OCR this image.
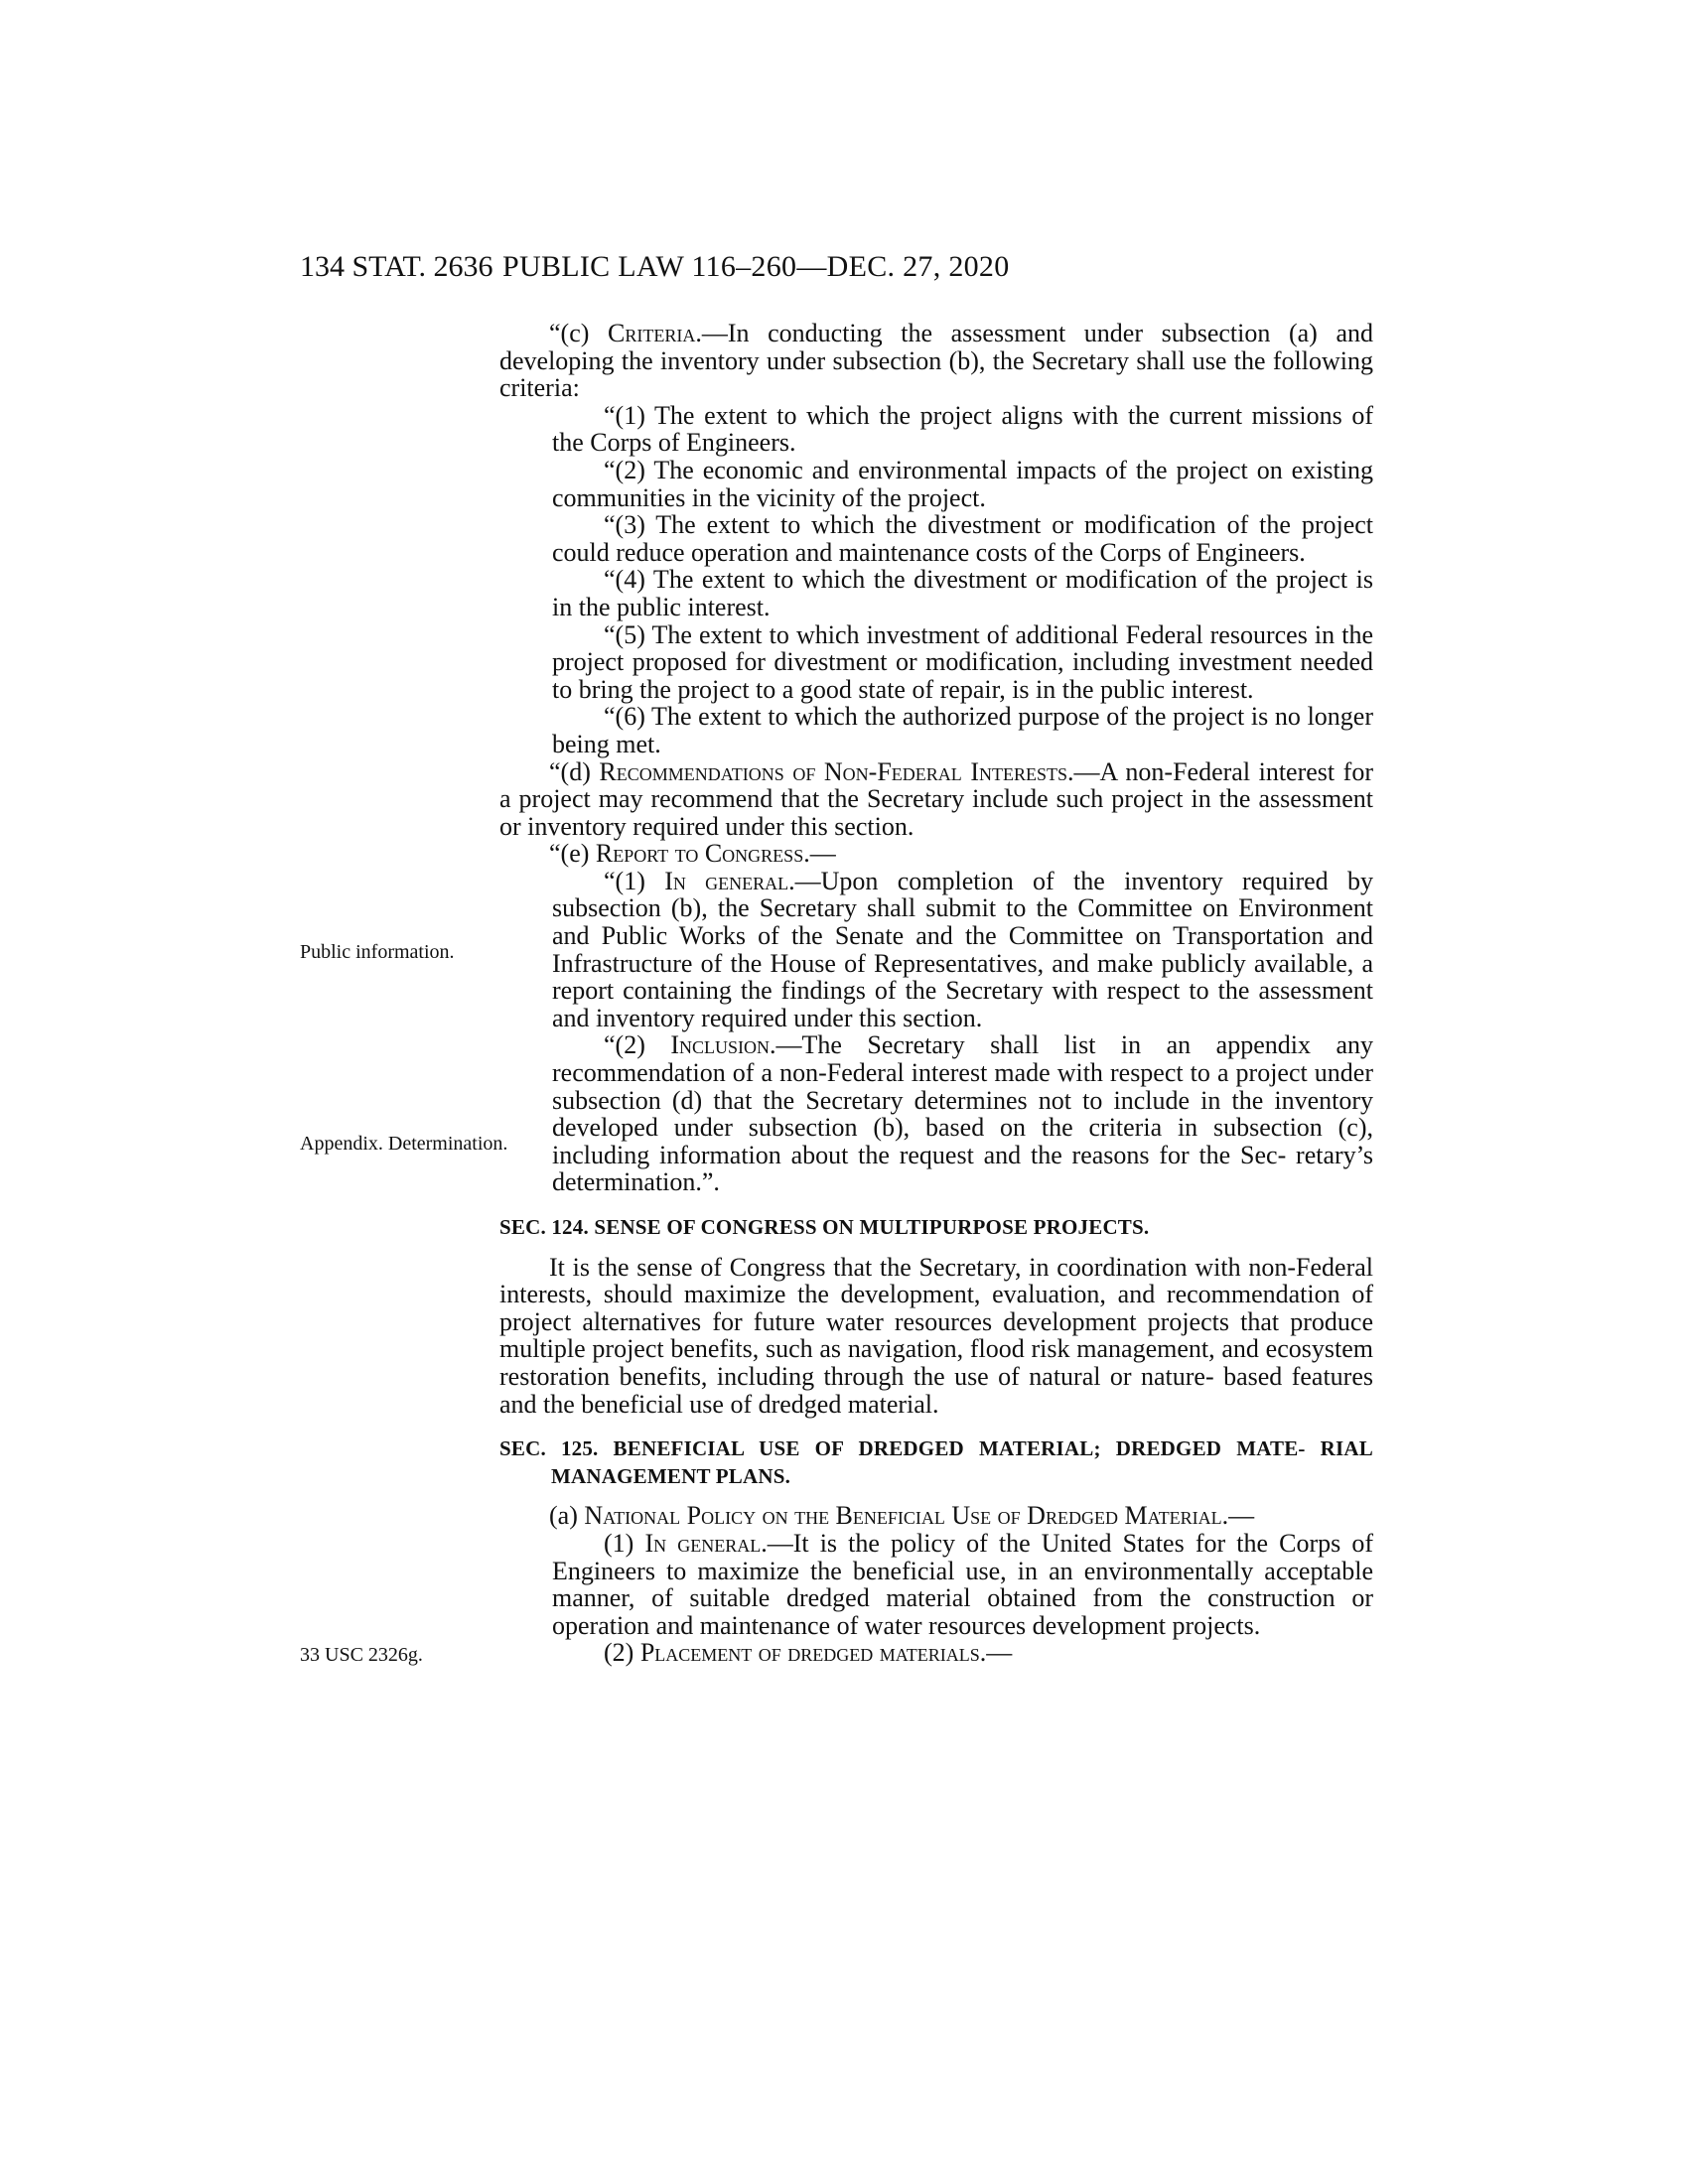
134 STAT. 2636 PUBLIC LAW 116–260—DEC. 27, 2020
Public information.
Appendix. Determination.
33 USC 2326g.

“(c) Criteria.—In conducting the assessment under subsection (a) and developing the inventory under subsection (b), the Secretary shall use the following criteria:

“(1) The extent to which the project aligns with the current missions of the Corps of Engineers.

“(2) The economic and environmental impacts of the project on existing communities in the vicinity of the project.

“(3) The extent to which the divestment or modification of the project could reduce operation and maintenance costs of the Corps of Engineers.

“(4) The extent to which the divestment or modification of the project is in the public interest.

“(5) The extent to which investment of additional Federal resources in the project proposed for divestment or modification, including investment needed to bring the project to a good state of repair, is in the public interest.

“(6) The extent to which the authorized purpose of the project is no longer being met.

“(d) Recommendations of Non-Federal Interests.—A non-Federal interest for a project may recommend that the Secretary include such project in the assessment or inventory required under this section.

“(e) Report to Congress.—

“(1) In general.—Upon completion of the inventory required by subsection (b), the Secretary shall submit to the Committee on Environment and Public Works of the Senate and the Committee on Transportation and Infrastructure of the House of Representatives, and make publicly available, a report containing the findings of the Secretary with respect to the assessment and inventory required under this section.

“(2) Inclusion.—The Secretary shall list in an appendix any recommendation of a non-Federal interest made with respect to a project under subsection (d) that the Secretary determines not to include in the inventory developed under subsection (b), based on the criteria in subsection (c), including information about the request and the reasons for the Sec- retary’s determination.”.

SEC. 124. SENSE OF CONGRESS ON MULTIPURPOSE PROJECTS.

It is the sense of Congress that the Secretary, in coordination with non-Federal interests, should maximize the development, evaluation, and recommendation of project alternatives for future water resources development projects that produce multiple project benefits, such as navigation, flood risk management, and ecosystem restoration benefits, including through the use of natural or nature- based features and the beneficial use of dredged material.

SEC. 125. BENEFICIAL USE OF DREDGED MATERIAL; DREDGED MATE- RIAL MANAGEMENT PLANS.

(a) National Policy on the Beneficial Use of Dredged Material.—

(1) In general.—It is the policy of the United States for the Corps of Engineers to maximize the beneficial use, in an environmentally acceptable manner, of suitable dredged material obtained from the construction or operation and maintenance of water resources development projects.

(2) Placement of dredged materials.—
